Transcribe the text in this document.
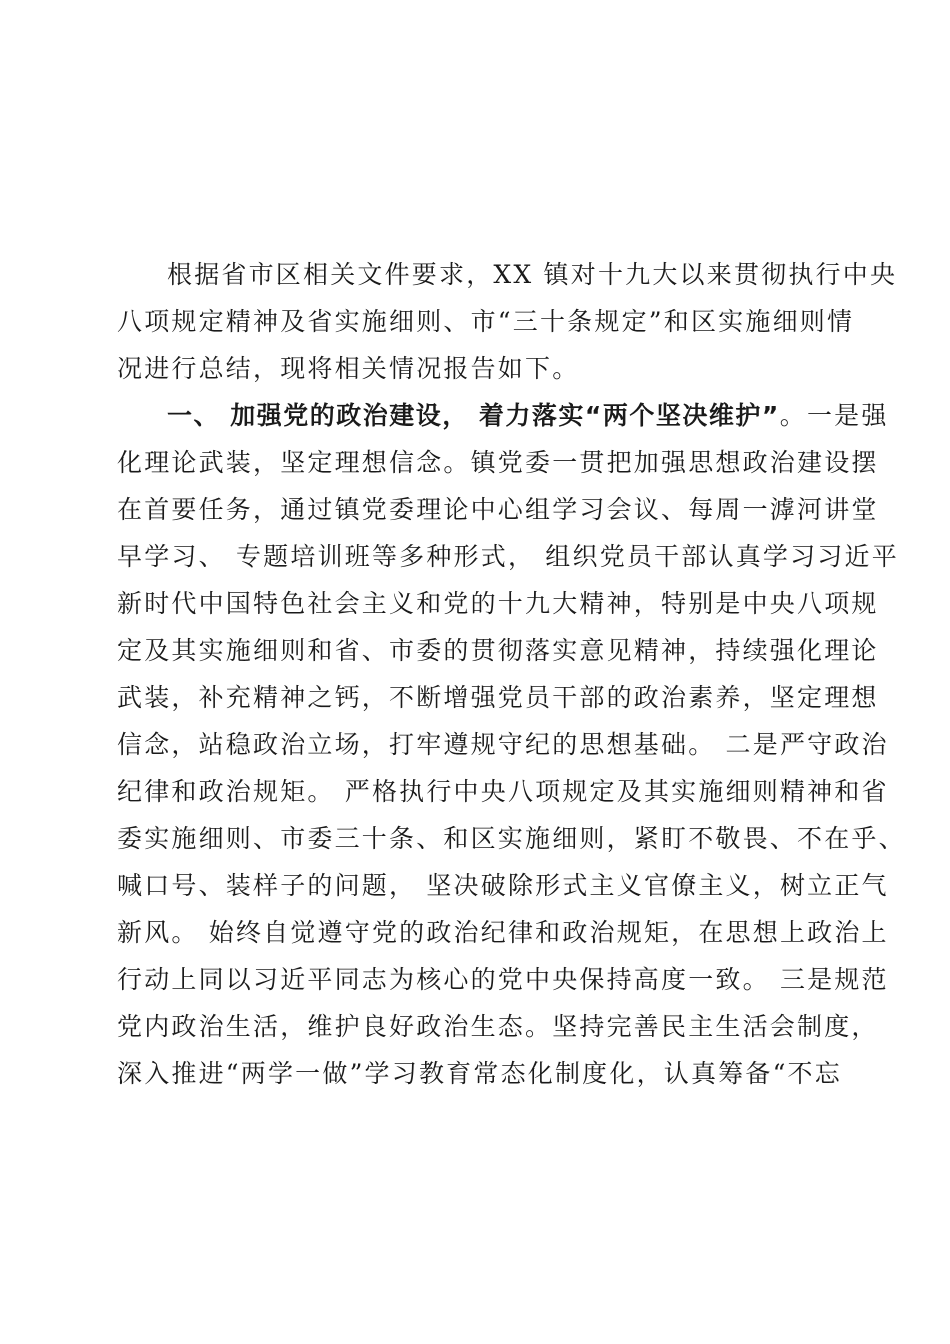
根据省市区相关文件要求，XX 镇对十九大以来贯彻执行中央
八项规定精神及省实施细则、市“三十条规定”和区实施细则情
况进行总结，现将相关情况报告如下。
一、 加强党的政治建设， 着力落实“两个坚决维护”。一是强
化理论武装，坚定理想信念。镇党委一贯把加强思想政治建设摆
在首要任务，通过镇党委理论中心组学习会议、每周一滹河讲堂
早学习、 专题培训班等多种形式， 组织党员干部认真学习习近平
新时代中国特色社会主义和党的十九大精神，特别是中央八项规
定及其实施细则和省、市委的贯彻落实意见精神，持续强化理论
武装，补充精神之钙，不断增强党员干部的政治素养，坚定理想
信念，站稳政治立场，打牢遵规守纪的思想基础。 二是严守政治
纪律和政治规矩。 严格执行中央八项规定及其实施细则精神和省
委实施细则、市委三十条、和区实施细则，紧盯不敬畏、不在乎、
喊口号、装样子的问题， 坚决破除形式主义官僚主义，树立正气
新风。 始终自觉遵守党的政治纪律和政治规矩，在思想上政治上
行动上同以习近平同志为核心的党中央保持高度一致。 三是规范
党内政治生活，维护良好政治生态。坚持完善民主生活会制度，
深入推进“两学一做”学习教育常态化制度化，认真筹备“不忘
